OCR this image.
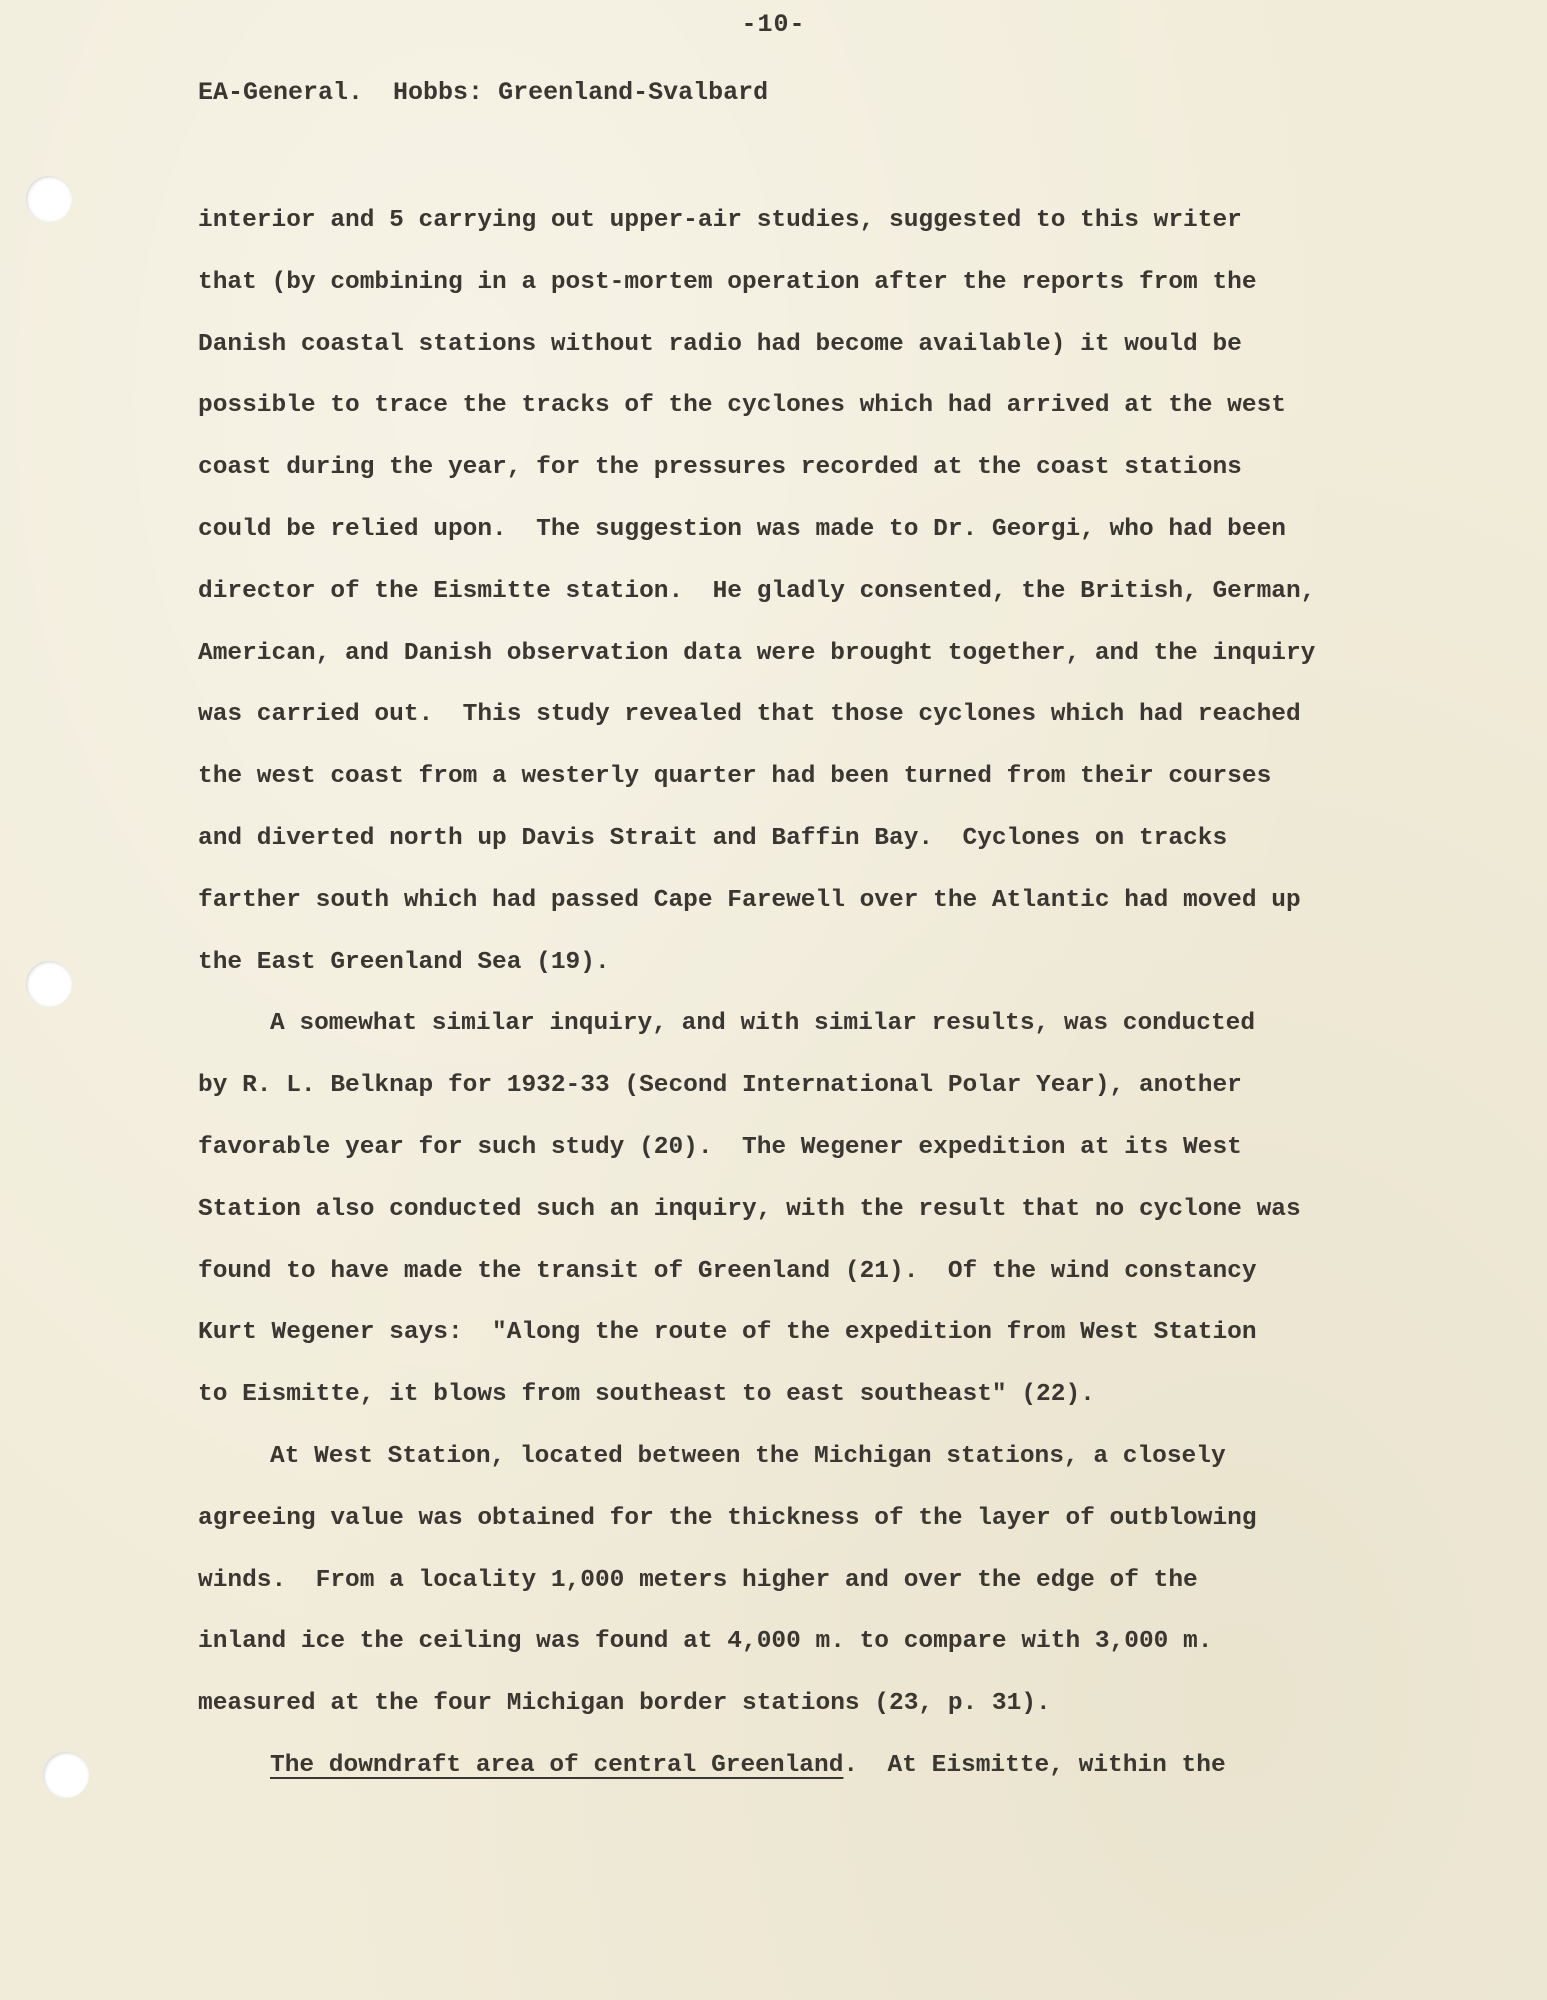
-10-
EA-General. Hobbs: Greenland-Svalbard
interior and 5 carrying out upper-air studies, suggested to this writer
that (by combining in a post-mortem operation after the reports from the
Danish coastal stations without radio had become available) it would be
possible to trace the tracks of the cyclones which had arrived at the west
coast during the year, for the pressures recorded at the coast stations
could be relied upon.  The suggestion was made to Dr. Georgi, who had been
director of the Eismitte station.  He gladly consented, the British, German,
American, and Danish observation data were brought together, and the inquiry
was carried out.  This study revealed that those cyclones which had reached
the west coast from a westerly quarter had been turned from their courses
and diverted north up Davis Strait and Baffin Bay.  Cyclones on tracks
farther south which had passed Cape Farewell over the Atlantic had moved up
the East Greenland Sea (19).
A somewhat similar inquiry, and with similar results, was conducted
by R. L. Belknap for 1932-33 (Second International Polar Year), another
favorable year for such study (20).  The Wegener expedition at its West
Station also conducted such an inquiry, with the result that no cyclone was
found to have made the transit of Greenland (21).  Of the wind constancy
Kurt Wegener says:  "Along the route of the expedition from West Station
to Eismitte, it blows from southeast to east southeast" (22).
At West Station, located between the Michigan stations, a closely
agreeing value was obtained for the thickness of the layer of outblowing
winds.  From a locality 1,000 meters higher and over the edge of the
inland ice the ceiling was found at 4,000 m. to compare with 3,000 m.
measured at the four Michigan border stations (23, p. 31).
The downdraft area of central Greenland.  At Eismitte, within the
